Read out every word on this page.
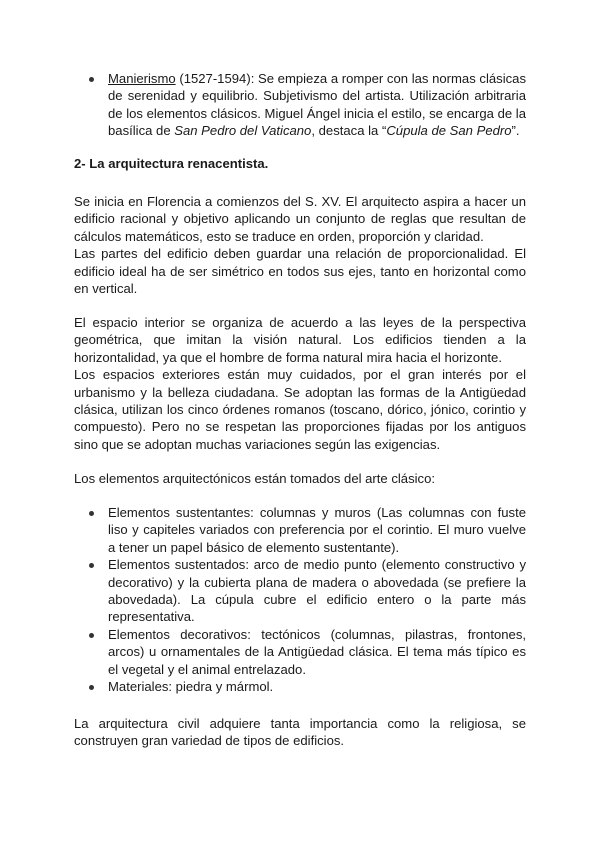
Manierismo (1527-1594): Se empieza a romper con las normas clásicas de serenidad y equilibrio. Subjetivismo del artista. Utilización arbitraria de los elementos clásicos. Miguel Ángel inicia el estilo, se encarga de la basílica de San Pedro del Vaticano, destaca la “Cúpula de San Pedro”.
2- La arquitectura renacentista.

Se inicia en Florencia a comienzos del S. XV. El arquitecto aspira a hacer un edificio racional y objetivo aplicando un conjunto de reglas que resultan de cálculos matemáticos, esto se traduce en orden, proporción y claridad.

Las partes del edificio deben guardar una relación de proporcionalidad. El edificio ideal ha de ser simétrico en todos sus ejes, tanto en horizontal como en vertical.

El espacio interior se organiza de acuerdo a las leyes de la perspectiva geométrica, que imitan la visión natural. Los edificios tienden a la horizontalidad, ya que el hombre de forma natural mira hacia el horizonte.

Los espacios exteriores están muy cuidados, por el gran interés por el urbanismo y la belleza ciudadana. Se adoptan las formas de la Antigüedad clásica, utilizan los cinco órdenes romanos (toscano, dórico, jónico, corintio y compuesto). Pero no se respetan las proporciones fijadas por los antiguos sino que se adoptan muchas variaciones según las exigencias.

Los elementos arquitectónicos están tomados del arte clásico:

Elementos sustentantes: columnas y muros (Las columnas con fuste liso y capiteles variados con preferencia por el corintio. El muro vuelve a tener un papel básico de elemento sustentante).
Elementos sustentados: arco de medio punto (elemento constructivo y decorativo) y la cubierta plana de madera o abovedada (se prefiere la abovedada). La cúpula cubre el edificio entero o la parte más representativa.
Elementos decorativos: tectónicos (columnas, pilastras, frontones, arcos) u ornamentales de la Antigüedad clásica. El tema más típico es el vegetal y el animal entrelazado.
Materiales: piedra y mármol.

La arquitectura civil adquiere tanta importancia como la religiosa, se construyen gran variedad de tipos de edificios.
